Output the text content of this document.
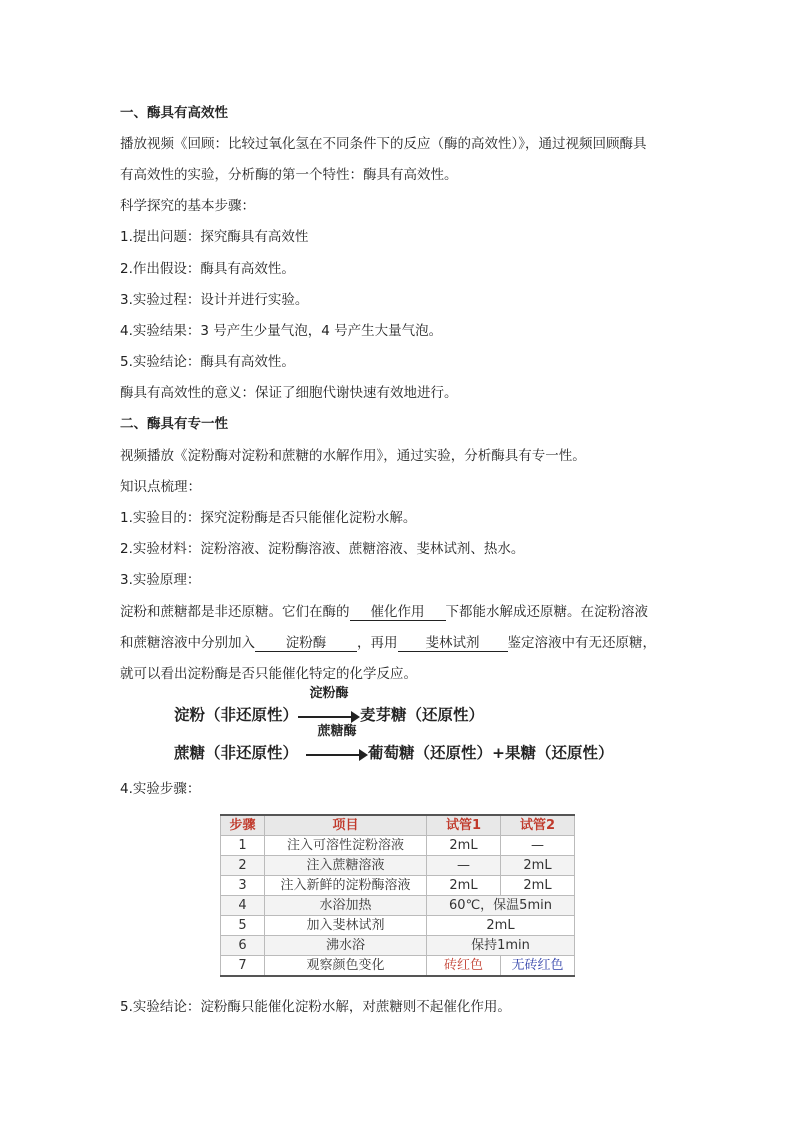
一、酶具有高效性
播放视频《回顾：比较过氧化氢在不同条件下的反应（酶的高效性）》，通过视频回顾酶具
有高效性的实验，分析酶的第一个特性：酶具有高效性。
科学探究的基本步骤：
1.提出问题：探究酶具有高效性
2.作出假设：酶具有高效性。
3.实验过程：设计并进行实验。
4.实验结果：3 号产生少量气泡，4 号产生大量气泡。
5.实验结论：酶具有高效性。
酶具有高效性的意义：保证了细胞代谢快速有效地进行。
二、酶具有专一性
视频播放《淀粉酶对淀粉和蔗糖的水解作用》，通过实验，分析酶具有专一性。
知识点梳理：
1.实验目的：探究淀粉酶是否只能催化淀粉水解。
2.实验材料：淀粉溶液、淀粉酶溶液、蔗糖溶液、斐林试剂、热水。
3.实验原理：
淀粉和蔗糖都是非还原糖。它们在酶的 催化作用 下都能水解成还原糖。在淀粉溶液
和蔗糖溶液中分别加入 淀粉酶 ，再用 斐林试剂 鉴定溶液中有无还原糖，
就可以看出淀粉酶是否只能催化特定的化学反应。
淀粉（非还原性）
淀粉酶
麦芽糖（还原性）
蔗糖（非还原性）
蔗糖酶
葡萄糖（还原性）+果糖（还原性）
4.实验步骤：
步骤	项目	试管1	试管2
1	注入可溶性淀粉溶液	2mL	—
2	注入蔗糖溶液	—	2mL
3	注入新鲜的淀粉酶溶液	2mL	2mL
4	水浴加热	60℃，保温5min	
5	加入斐林试剂	2mL	
6	沸水浴	保持1min	
7	观察颜色变化	砖红色	无砖红色
5.实验结论：淀粉酶只能催化淀粉水解，对蔗糖则不起催化作用。
